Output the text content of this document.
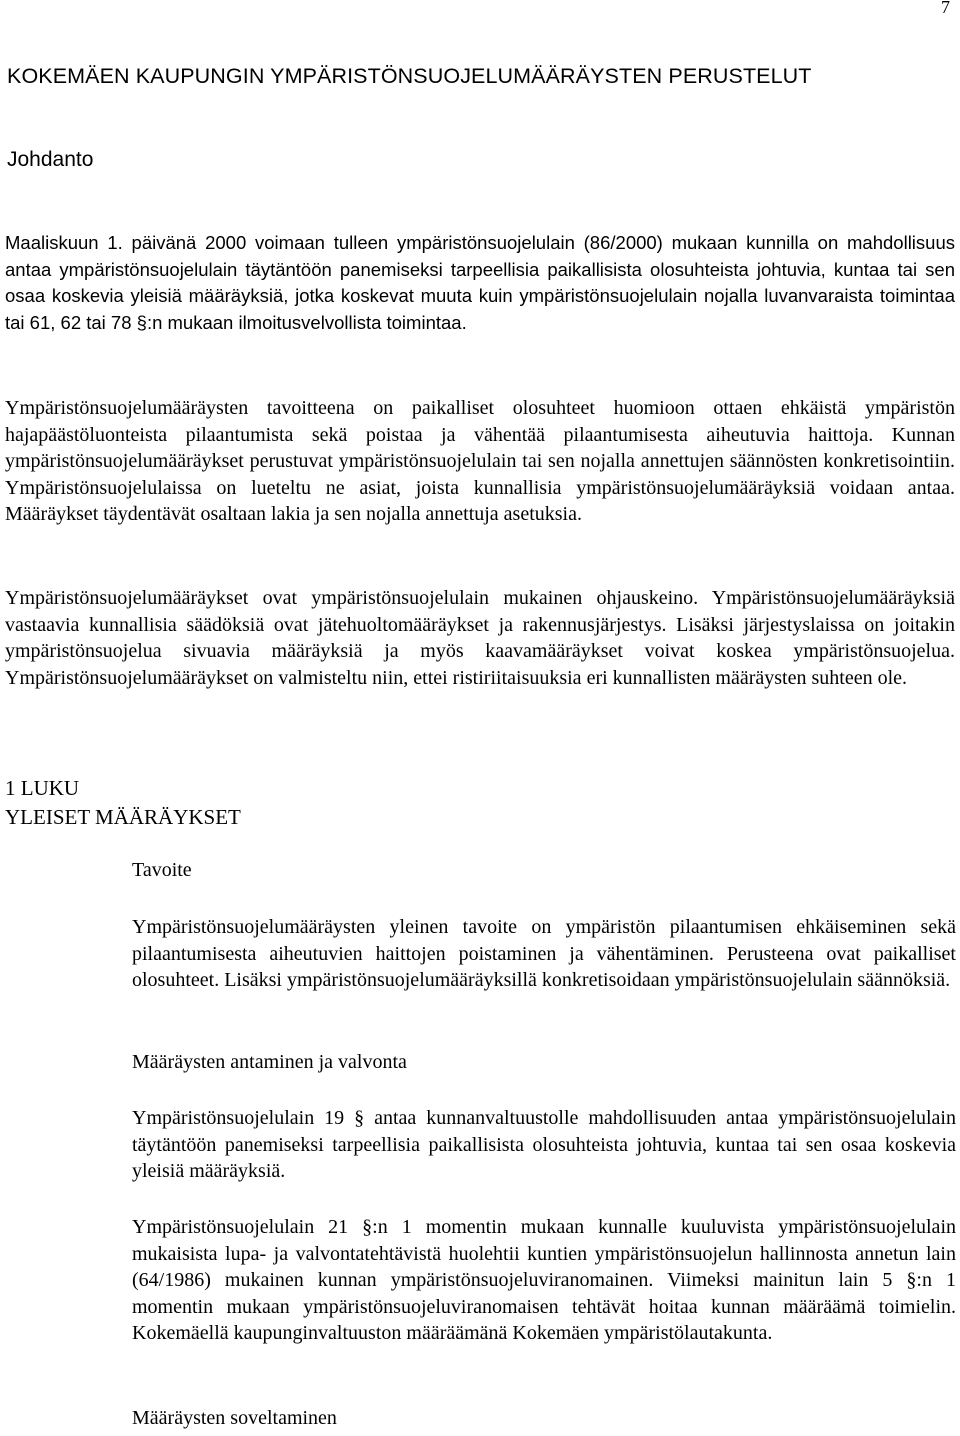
7
KOKEMÄEN KAUPUNGIN YMPÄRISTÖNSUOJELUMÄÄRÄYSTEN PERUSTELUT
Johdanto

Maaliskuun 1. päivänä 2000 voimaan tulleen ympäristönsuojelulain (86/2000) mukaan kunnilla on mahdollisuus antaa ympäristönsuojelulain täytäntöön panemiseksi tarpeellisia paikallisista olosuhteista johtuvia, kuntaa tai sen osaa koskevia yleisiä määräyksiä, jotka koskevat muuta kuin ympäristönsuojelulain nojalla luvanvaraista toimintaa tai 61, 62 tai 78 §:n mukaan ilmoitusvelvollista toimintaa.

Ympäristönsuojelumääräysten tavoitteena on paikalliset olosuhteet huomioon ottaen ehkäistä ympäristön hajapäästöluonteista pilaantumista sekä poistaa ja vähentää pilaantumisesta aiheutuvia haittoja. Kunnan ympäristönsuojelumääräykset perustuvat ympäristönsuojelulain tai sen nojalla annettujen säännösten konkretisointiin. Ympäristönsuojelulaissa on lueteltu ne asiat, joista kunnallisia ympäristönsuojelumääräyksiä voidaan antaa. Määräykset täydentävät osaltaan lakia ja sen nojalla annettuja asetuksia.

Ympäristönsuojelumääräykset ovat ympäristönsuojelulain mukainen ohjauskeino. Ympäristönsuojelumääräyksiä vastaavia kunnallisia säädöksiä ovat jätehuoltomääräykset ja rakennusjärjestys. Lisäksi järjestyslaissa on joitakin ympäristönsuojelua sivuavia määräyksiä ja myös kaavamääräykset voivat koskea ympäristönsuojelua. Ympäristönsuojelumääräykset on valmisteltu niin, ettei ristiriitaisuuksia eri kunnallisten määräysten suhteen ole.

1 LUKU
YLEISET MÄÄRÄYKSET
Tavoite

Ympäristönsuojelumääräysten yleinen tavoite on ympäristön pilaantumisen ehkäiseminen sekä pilaantumisesta aiheutuvien haittojen poistaminen ja vähentäminen. Perusteena ovat paikalliset olosuhteet. Lisäksi ympäristönsuojelumääräyksillä konkretisoidaan ympäristönsuojelulain säännöksiä.

Määräysten antaminen ja valvonta

Ympäristönsuojelulain 19 § antaa kunnanvaltuustolle mahdollisuuden antaa ympäristönsuojelulain täytäntöön panemiseksi tarpeellisia paikallisista olosuhteista johtuvia, kuntaa tai sen osaa koskevia yleisiä määräyksiä.

Ympäristönsuojelulain 21 §:n 1 momentin mukaan kunnalle kuuluvista ympäristönsuojelulain mukaisista lupa- ja valvontatehtävistä huolehtii kuntien ympäristönsuojelun hallinnosta annetun lain (64/1986) mukainen kunnan ympäristönsuojeluviranomainen. Viimeksi mainitun lain 5 §:n 1 momentin mukaan ympäristönsuojeluviranomaisen tehtävät hoitaa kunnan määräämä toimielin. Kokemäellä kaupunginvaltuuston määräämänä Kokemäen ympäristölautakunta.

Määräysten soveltaminen
